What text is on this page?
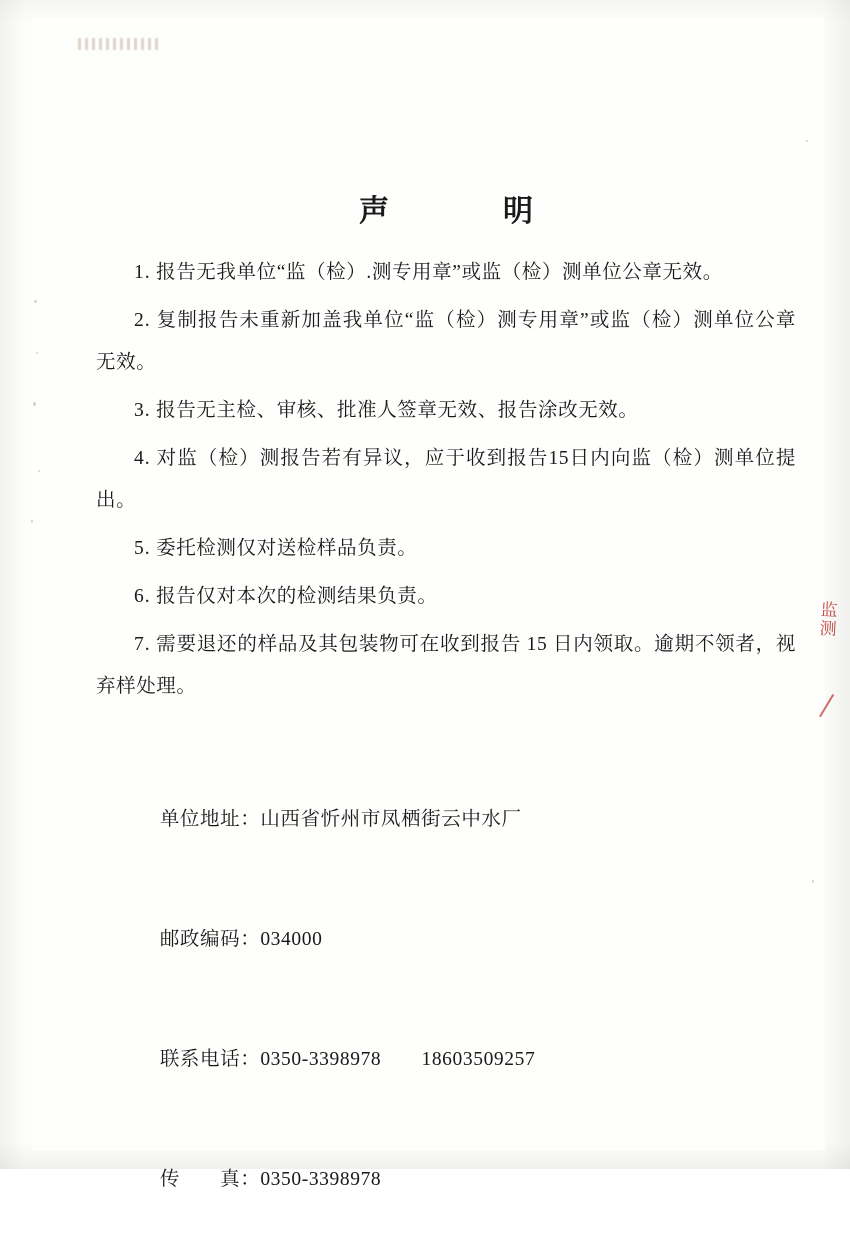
声　　明
1. 报告无我单位“监（检）.测专用章”或监（检）测单位公章无效。
2. 复制报告未重新加盖我单位“监（检）测专用章”或监（检）测单位公章无效。
3. 报告无主检、审核、批准人签章无效、报告涂改无效。
4. 对监（检）测报告若有异议，应于收到报告15日内向监（检）测单位提出。
5. 委托检测仅对送检样品负责。
6. 报告仅对本次的检测结果负责。
7. 需要退还的样品及其包装物可在收到报告 15 日内领取。逾期不领者，视弃样处理。

单位地址：山西省忻州市凤栖街云中水厂

邮政编码：034000

联系电话：0350-3398978　　18603509257

传　　真：0350-3398978

监测
